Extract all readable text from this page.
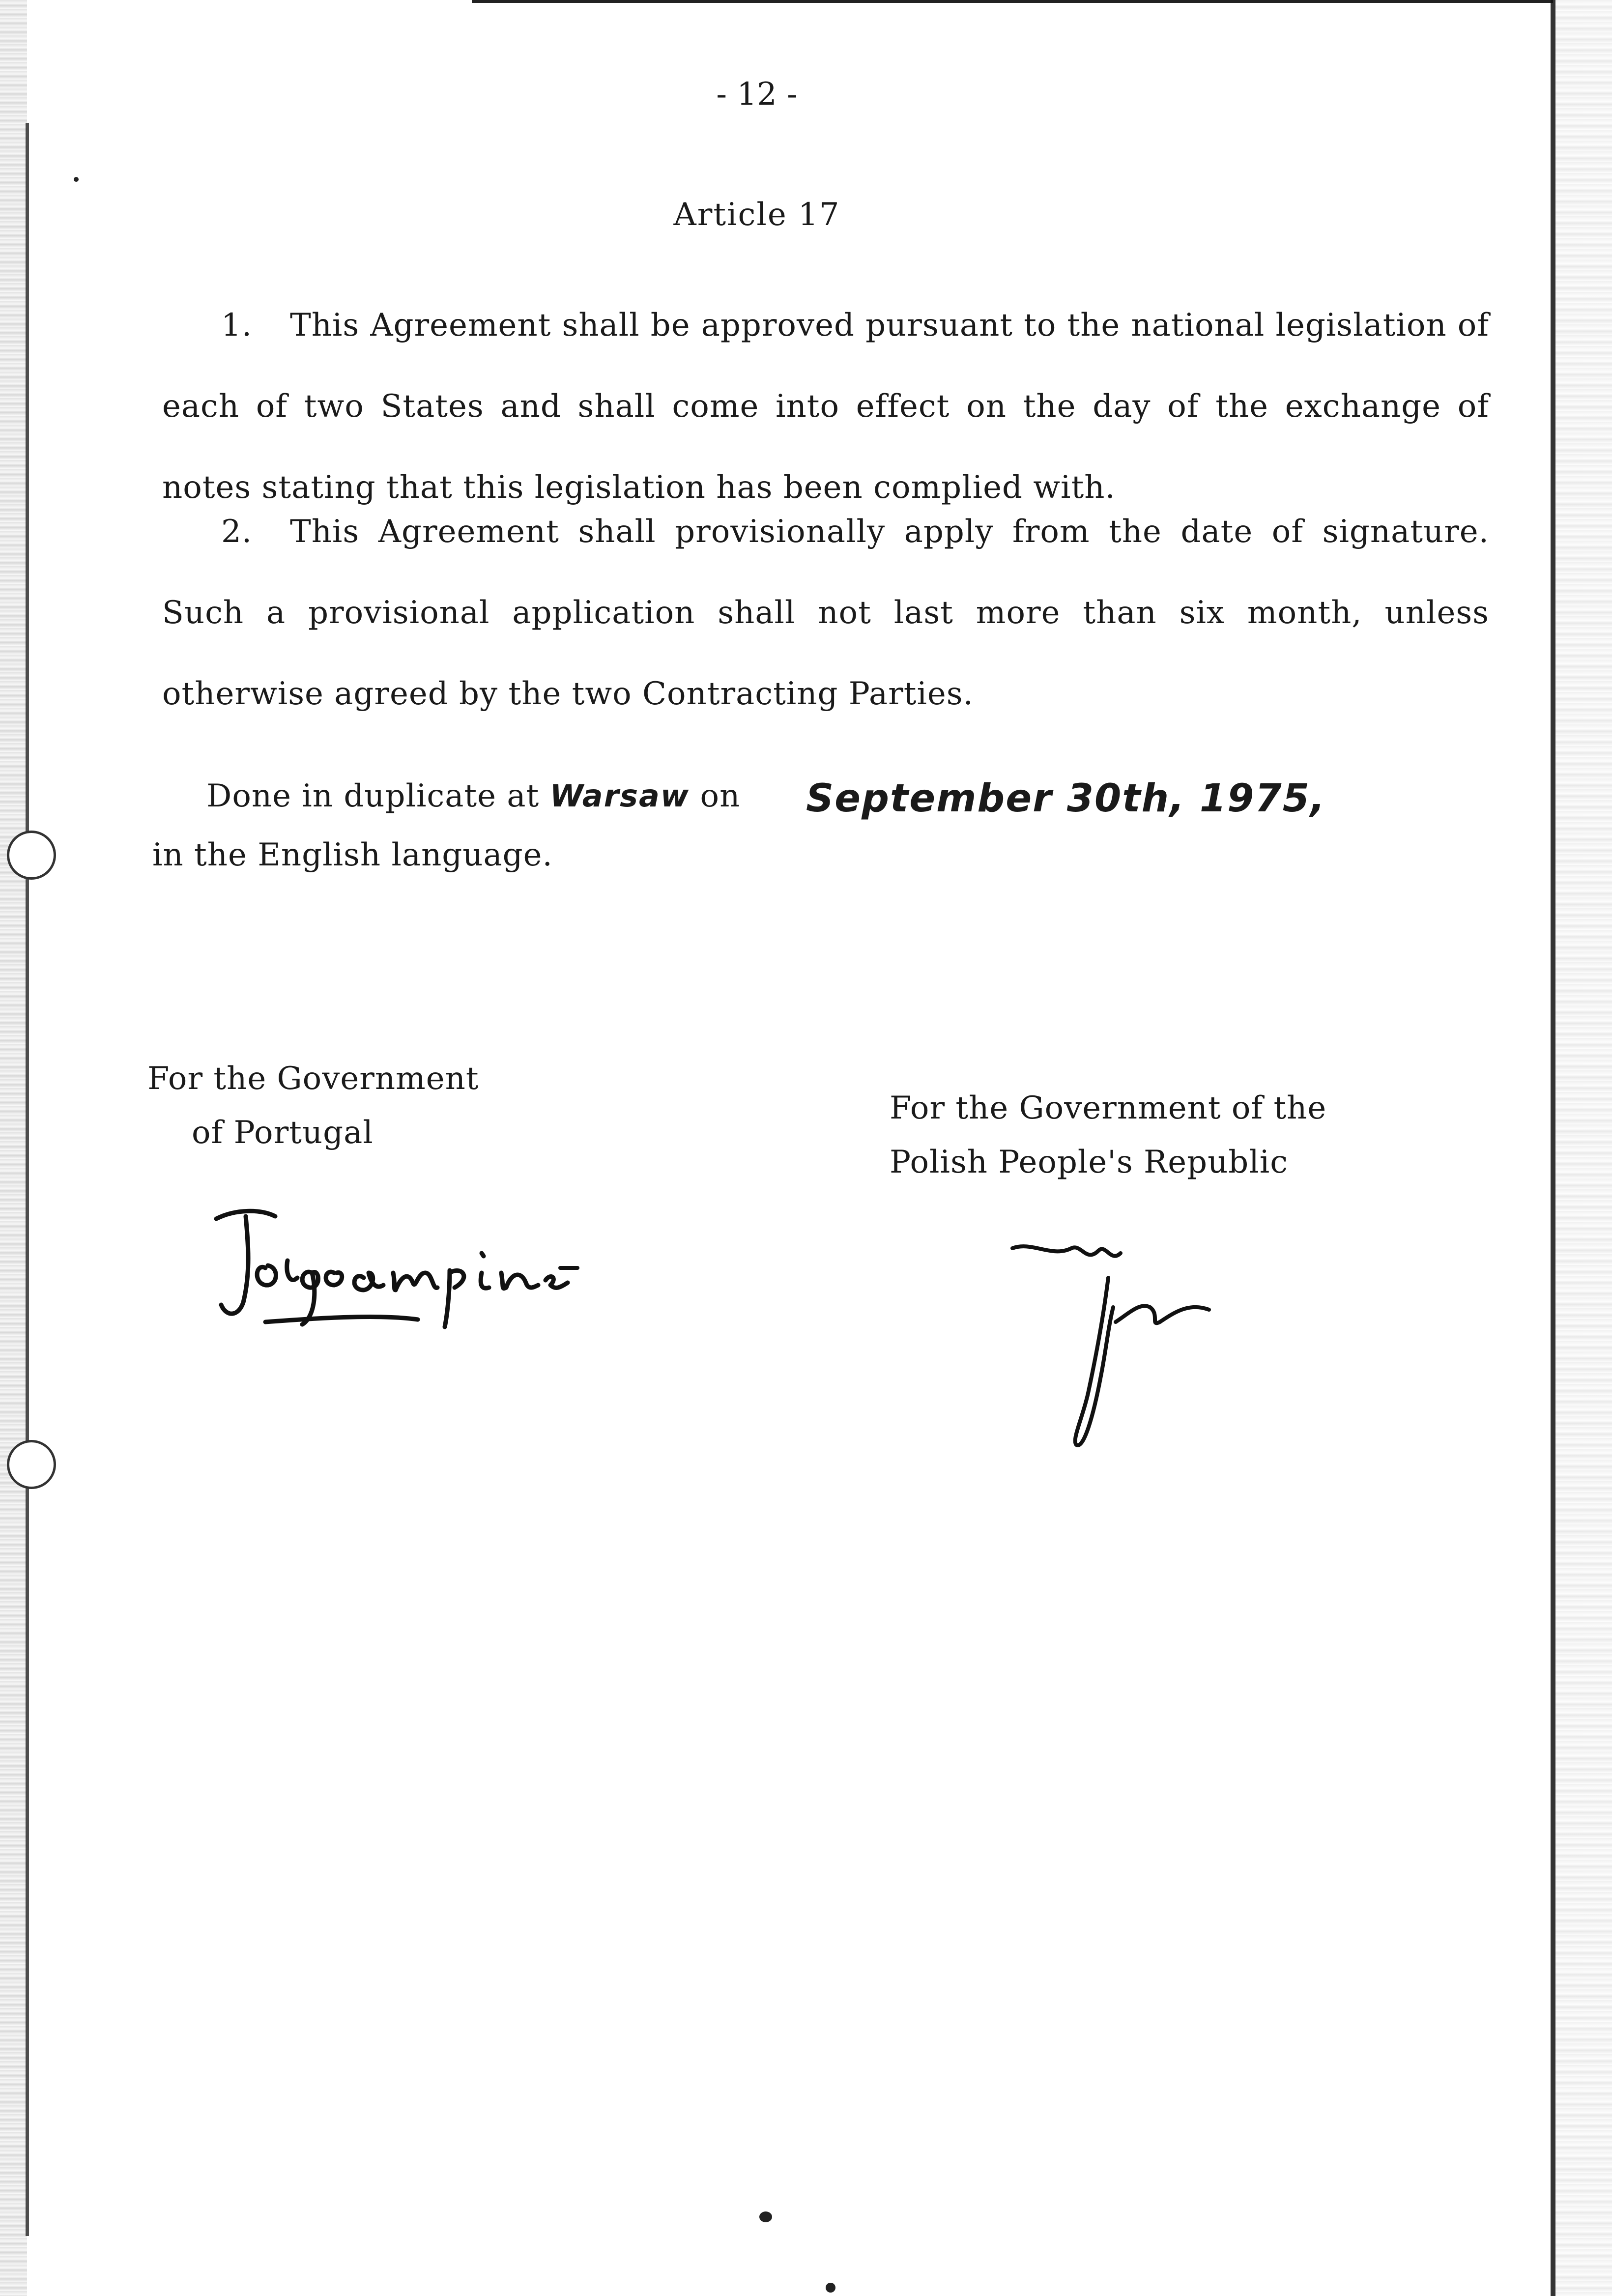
- 12 -
Article 17
1. This Agreement shall be approved pursuant to the national legislation of each of two States and shall come into effect on the day of the exchange of notes stating that this legislation has been complied with.
2. This Agreement shall provisionally apply from the date of signature. Such a provisional application shall not last more than six month, unless otherwise agreed by the two Contracting Parties.
Done in duplicate at Warsaw on
in the English language.
September 30th, 1975,
For the Government
of Portugal
For the Government of the
Polish People's Republic
